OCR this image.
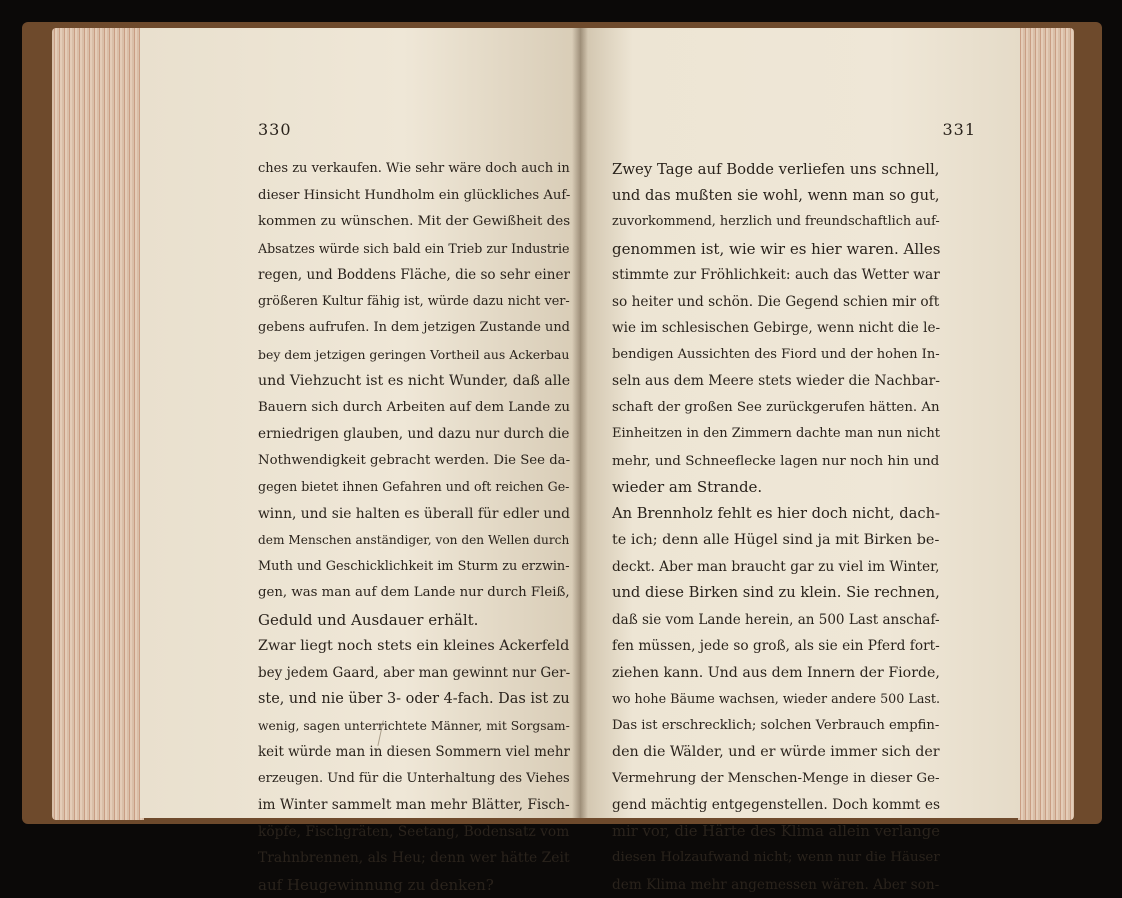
330
ches zu verkaufen. Wie sehr wäre doch auch in
dieser Hinsicht Hundholm ein glückliches Auf-
kommen zu wünschen. Mit der Gewißheit des
Absatzes würde sich bald ein Trieb zur Industrie
regen, und Boddens Fläche, die so sehr einer
größeren Kultur fähig ist, würde dazu nicht ver-
gebens aufrufen. In dem jetzigen Zustande und
bey dem jetzigen geringen Vortheil aus Ackerbau
und Viehzucht ist es nicht Wunder, daß alle
Bauern sich durch Arbeiten auf dem Lande zu
erniedrigen glauben, und dazu nur durch die
Nothwendigkeit gebracht werden. Die See da-
gegen bietet ihnen Gefahren und oft reichen Ge-
winn, und sie halten es überall für edler und
dem Menschen anständiger, von den Wellen durch
Muth und Geschicklichkeit im Sturm zu erzwin-
gen, was man auf dem Lande nur durch Fleiß,
Geduld und Ausdauer erhält.
Zwar liegt noch stets ein kleines Ackerfeld
bey jedem Gaard, aber man gewinnt nur Ger-
ste, und nie über 3- oder 4-fach. Das ist zu
wenig, sagen unterrichtete Männer, mit Sorgsam-
keit würde man in diesen Sommern viel mehr
erzeugen. Und für die Unterhaltung des Viehes
im Winter sammelt man mehr Blätter, Fisch-
köpfe, Fischgräten, Seetang, Bodensatz vom
Trahnbrennen, als Heu; denn wer hätte Zeit
auf Heugewinnung zu denken?
331
Zwey Tage auf Bodde verliefen uns schnell,
und das mußten sie wohl, wenn man so gut,
zuvorkommend, herzlich und freundschaftlich auf-
genommen ist, wie wir es hier waren. Alles
stimmte zur Fröhlichkeit: auch das Wetter war
so heiter und schön. Die Gegend schien mir oft
wie im schlesischen Gebirge, wenn nicht die le-
bendigen Aussichten des Fiord und der hohen In-
seln aus dem Meere stets wieder die Nachbar-
schaft der großen See zurückgerufen hätten. An
Einheitzen in den Zimmern dachte man nun nicht
mehr, und Schneeflecke lagen nur noch hin und
wieder am Strande.
An Brennholz fehlt es hier doch nicht, dach-
te ich; denn alle Hügel sind ja mit Birken be-
deckt. Aber man braucht gar zu viel im Winter,
und diese Birken sind zu klein. Sie rechnen,
daß sie vom Lande herein, an 500 Last anschaf-
fen müssen, jede so groß, als sie ein Pferd fort-
ziehen kann. Und aus dem Innern der Fiorde,
wo hohe Bäume wachsen, wieder andere 500 Last.
Das ist erschrecklich; solchen Verbrauch empfin-
den die Wälder, und er würde immer sich der
Vermehrung der Menschen-Menge in dieser Ge-
gend mächtig entgegenstellen. Doch kommt es
mir vor, die Härte des Klima allein verlange
diesen Holzaufwand nicht; wenn nur die Häuser
dem Klima mehr angemessen wären. Aber son-
